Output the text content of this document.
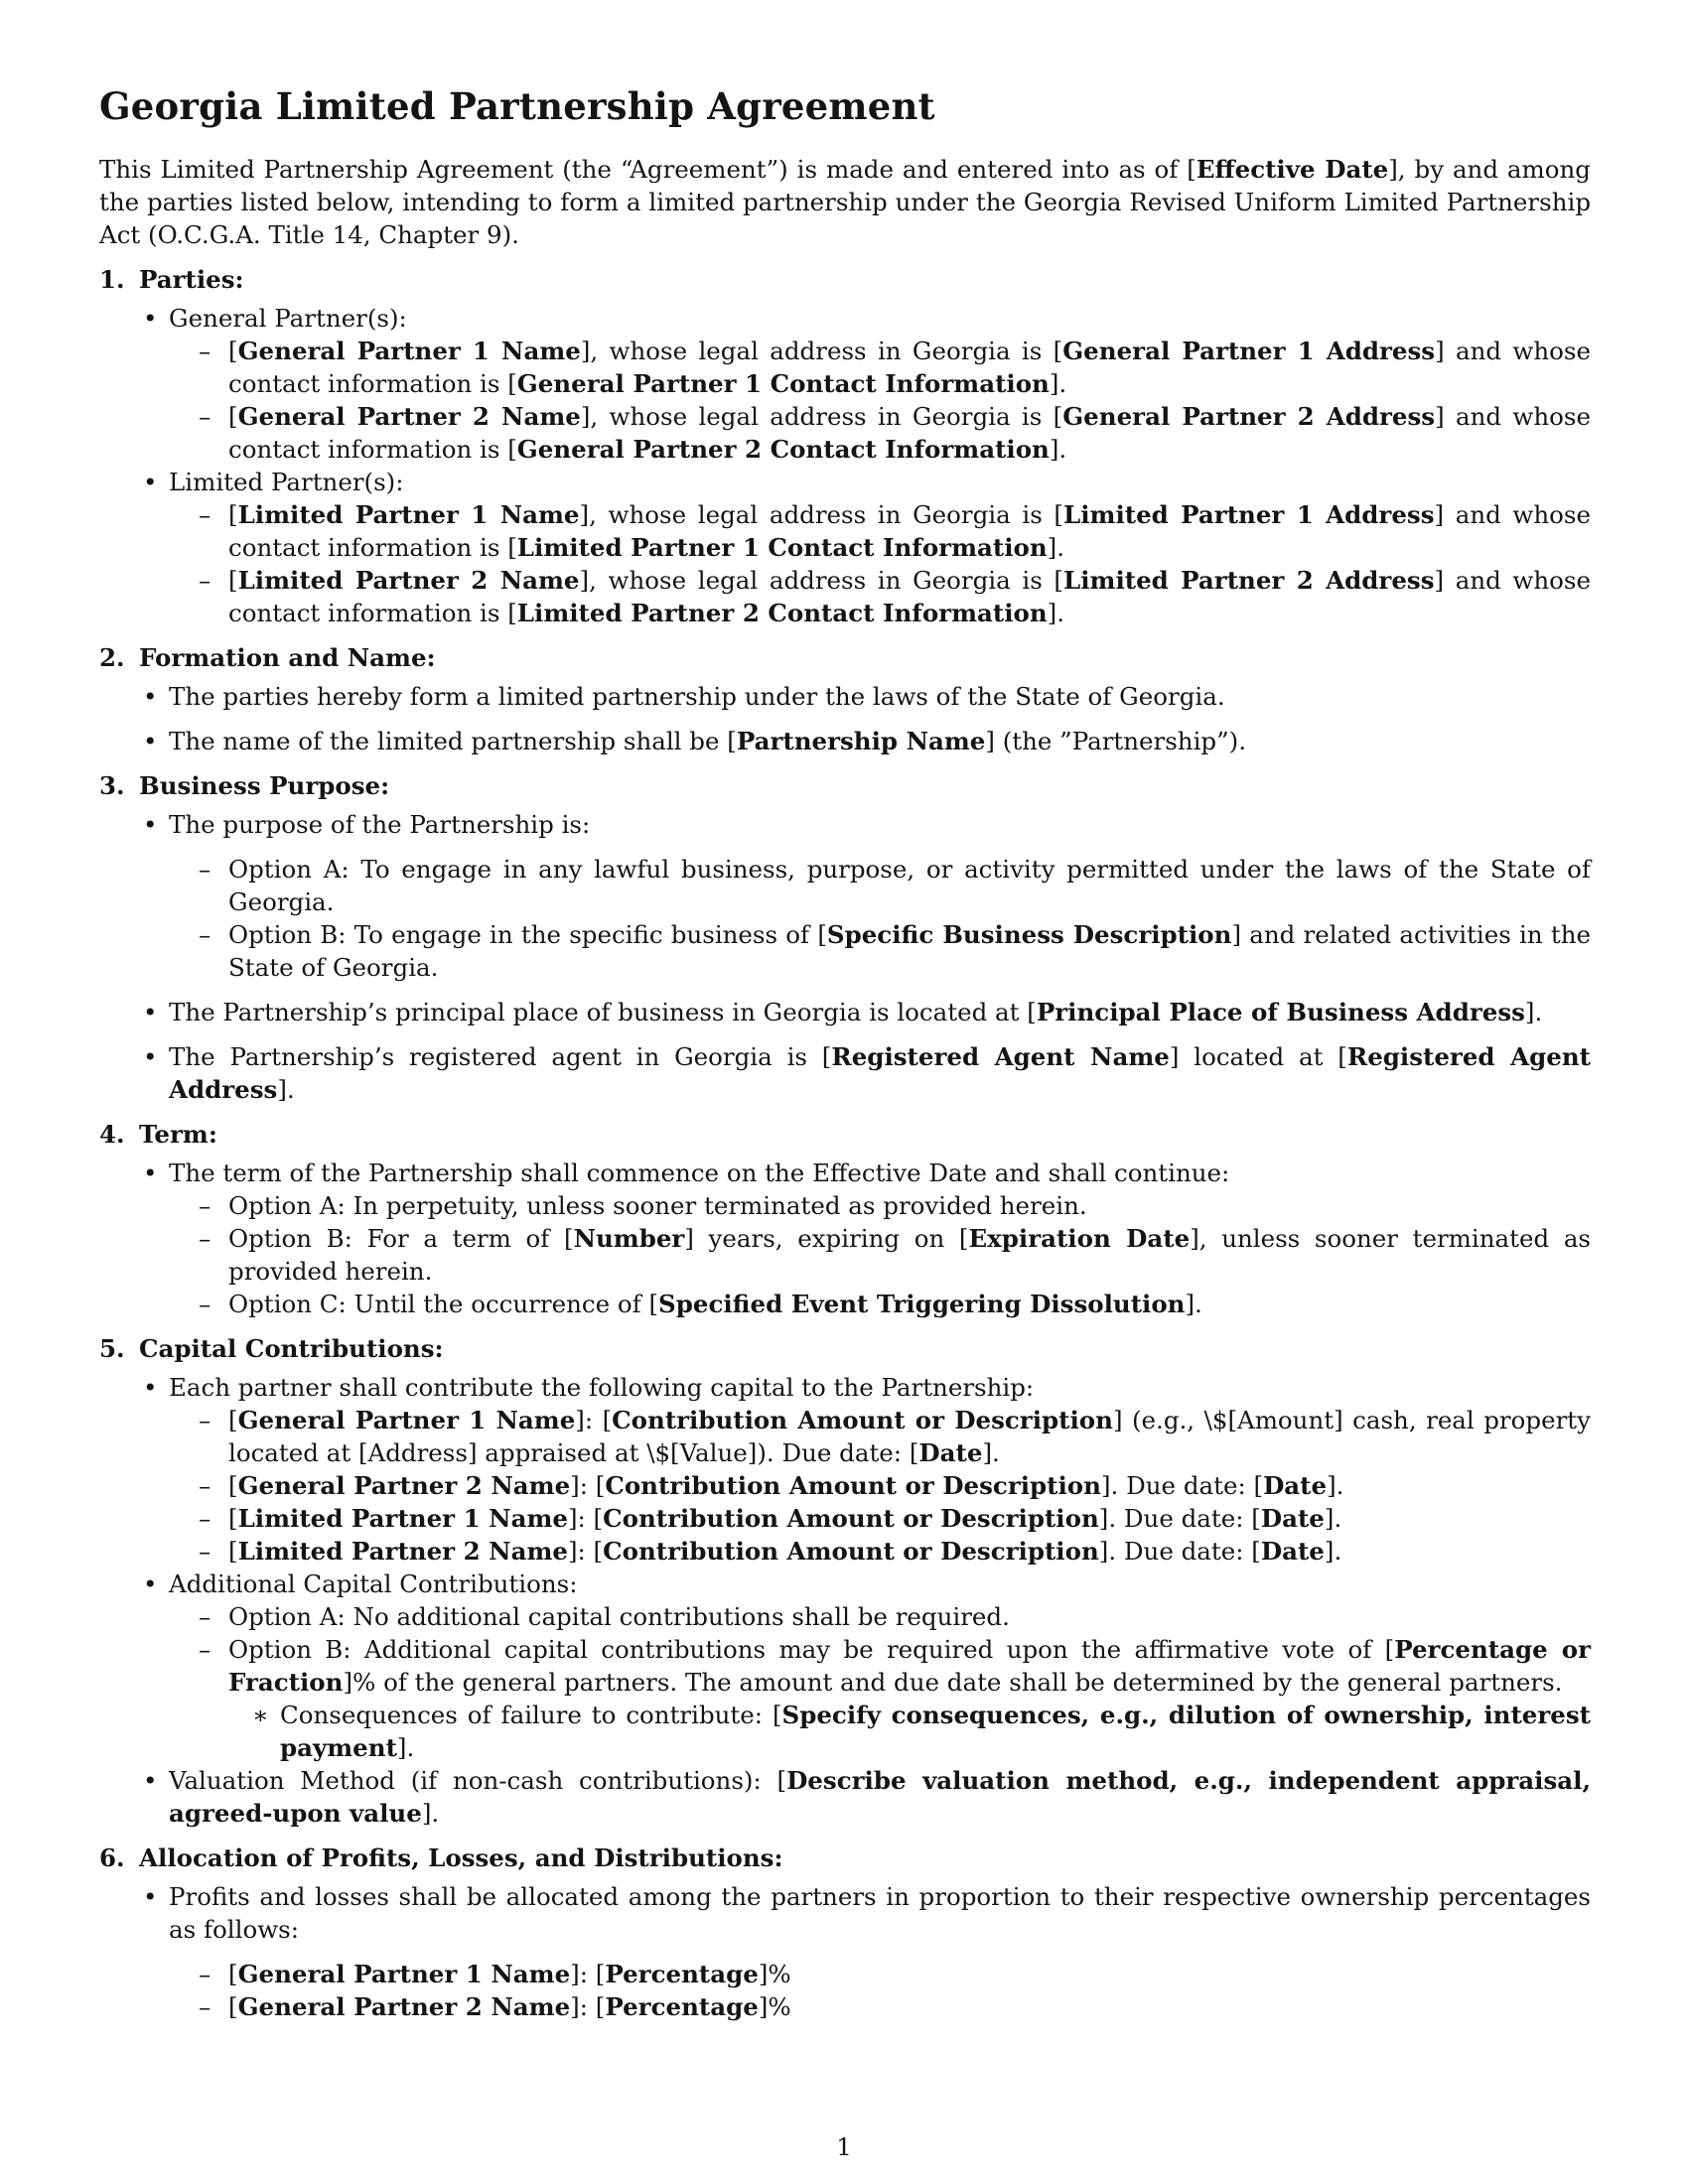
Georgia Limited Partnership Agreement

This Limited Partnership Agreement (the “Agreement”) is made and entered into as of [Effective Date], by and among the parties listed below, intending to form a limited partnership under the Georgia Revised Uniform Limited Partnership Act (O.C.G.A. Title 14, Chapter 9).

1. Parties:
• General Partner(s):
– [General Partner 1 Name], whose legal address in Georgia is [General Partner 1 Address] and whose contact information is [General Partner 1 Contact Information].
– [General Partner 2 Name], whose legal address in Georgia is [General Partner 2 Address] and whose contact information is [General Partner 2 Contact Information].
• Limited Partner(s):
– [Limited Partner 1 Name], whose legal address in Georgia is [Limited Partner 1 Address] and whose contact information is [Limited Partner 1 Contact Information].
– [Limited Partner 2 Name], whose legal address in Georgia is [Limited Partner 2 Address] and whose contact information is [Limited Partner 2 Contact Information].
2. Formation and Name:
• The parties hereby form a limited partnership under the laws of the State of Georgia.
• The name of the limited partnership shall be [Partnership Name] (the ”Partnership”).
3. Business Purpose:
• The purpose of the Partnership is:
– Option A: To engage in any lawful business, purpose, or activity permitted under the laws of the State of Georgia.
– Option B: To engage in the specific business of [Specific Business Description] and related activities in the State of Georgia.
• The Partnership’s principal place of business in Georgia is located at [Principal Place of Business Address].
• The Partnership’s registered agent in Georgia is [Registered Agent Name] located at [Registered Agent Address].
4. Term:
• The term of the Partnership shall commence on the Effective Date and shall continue:
– Option A: In perpetuity, unless sooner terminated as provided herein.
– Option B: For a term of [Number] years, expiring on [Expiration Date], unless sooner terminated as provided herein.
– Option C: Until the occurrence of [Specified Event Triggering Dissolution].
5. Capital Contributions:
• Each partner shall contribute the following capital to the Partnership:
– [General Partner 1 Name]: [Contribution Amount or Description] (e.g., \$[Amount] cash, real property located at [Address] appraised at \$[Value]). Due date: [Date].
– [General Partner 2 Name]: [Contribution Amount or Description]. Due date: [Date].
– [Limited Partner 1 Name]: [Contribution Amount or Description]. Due date: [Date].
– [Limited Partner 2 Name]: [Contribution Amount or Description]. Due date: [Date].
• Additional Capital Contributions:
– Option A: No additional capital contributions shall be required.
– Option B: Additional capital contributions may be required upon the affirmative vote of [Percentage or Fraction]% of the general partners. The amount and due date shall be determined by the general partners.
∗ Consequences of failure to contribute: [Specify consequences, e.g., dilution of ownership, interest payment].
• Valuation Method (if non-cash contributions): [Describe valuation method, e.g., independent appraisal, agreed-upon value].
6. Allocation of Profits, Losses, and Distributions:
• Profits and losses shall be allocated among the partners in proportion to their respective ownership percentages as follows:
– [General Partner 1 Name]: [Percentage]%
– [General Partner 2 Name]: [Percentage]%
1
